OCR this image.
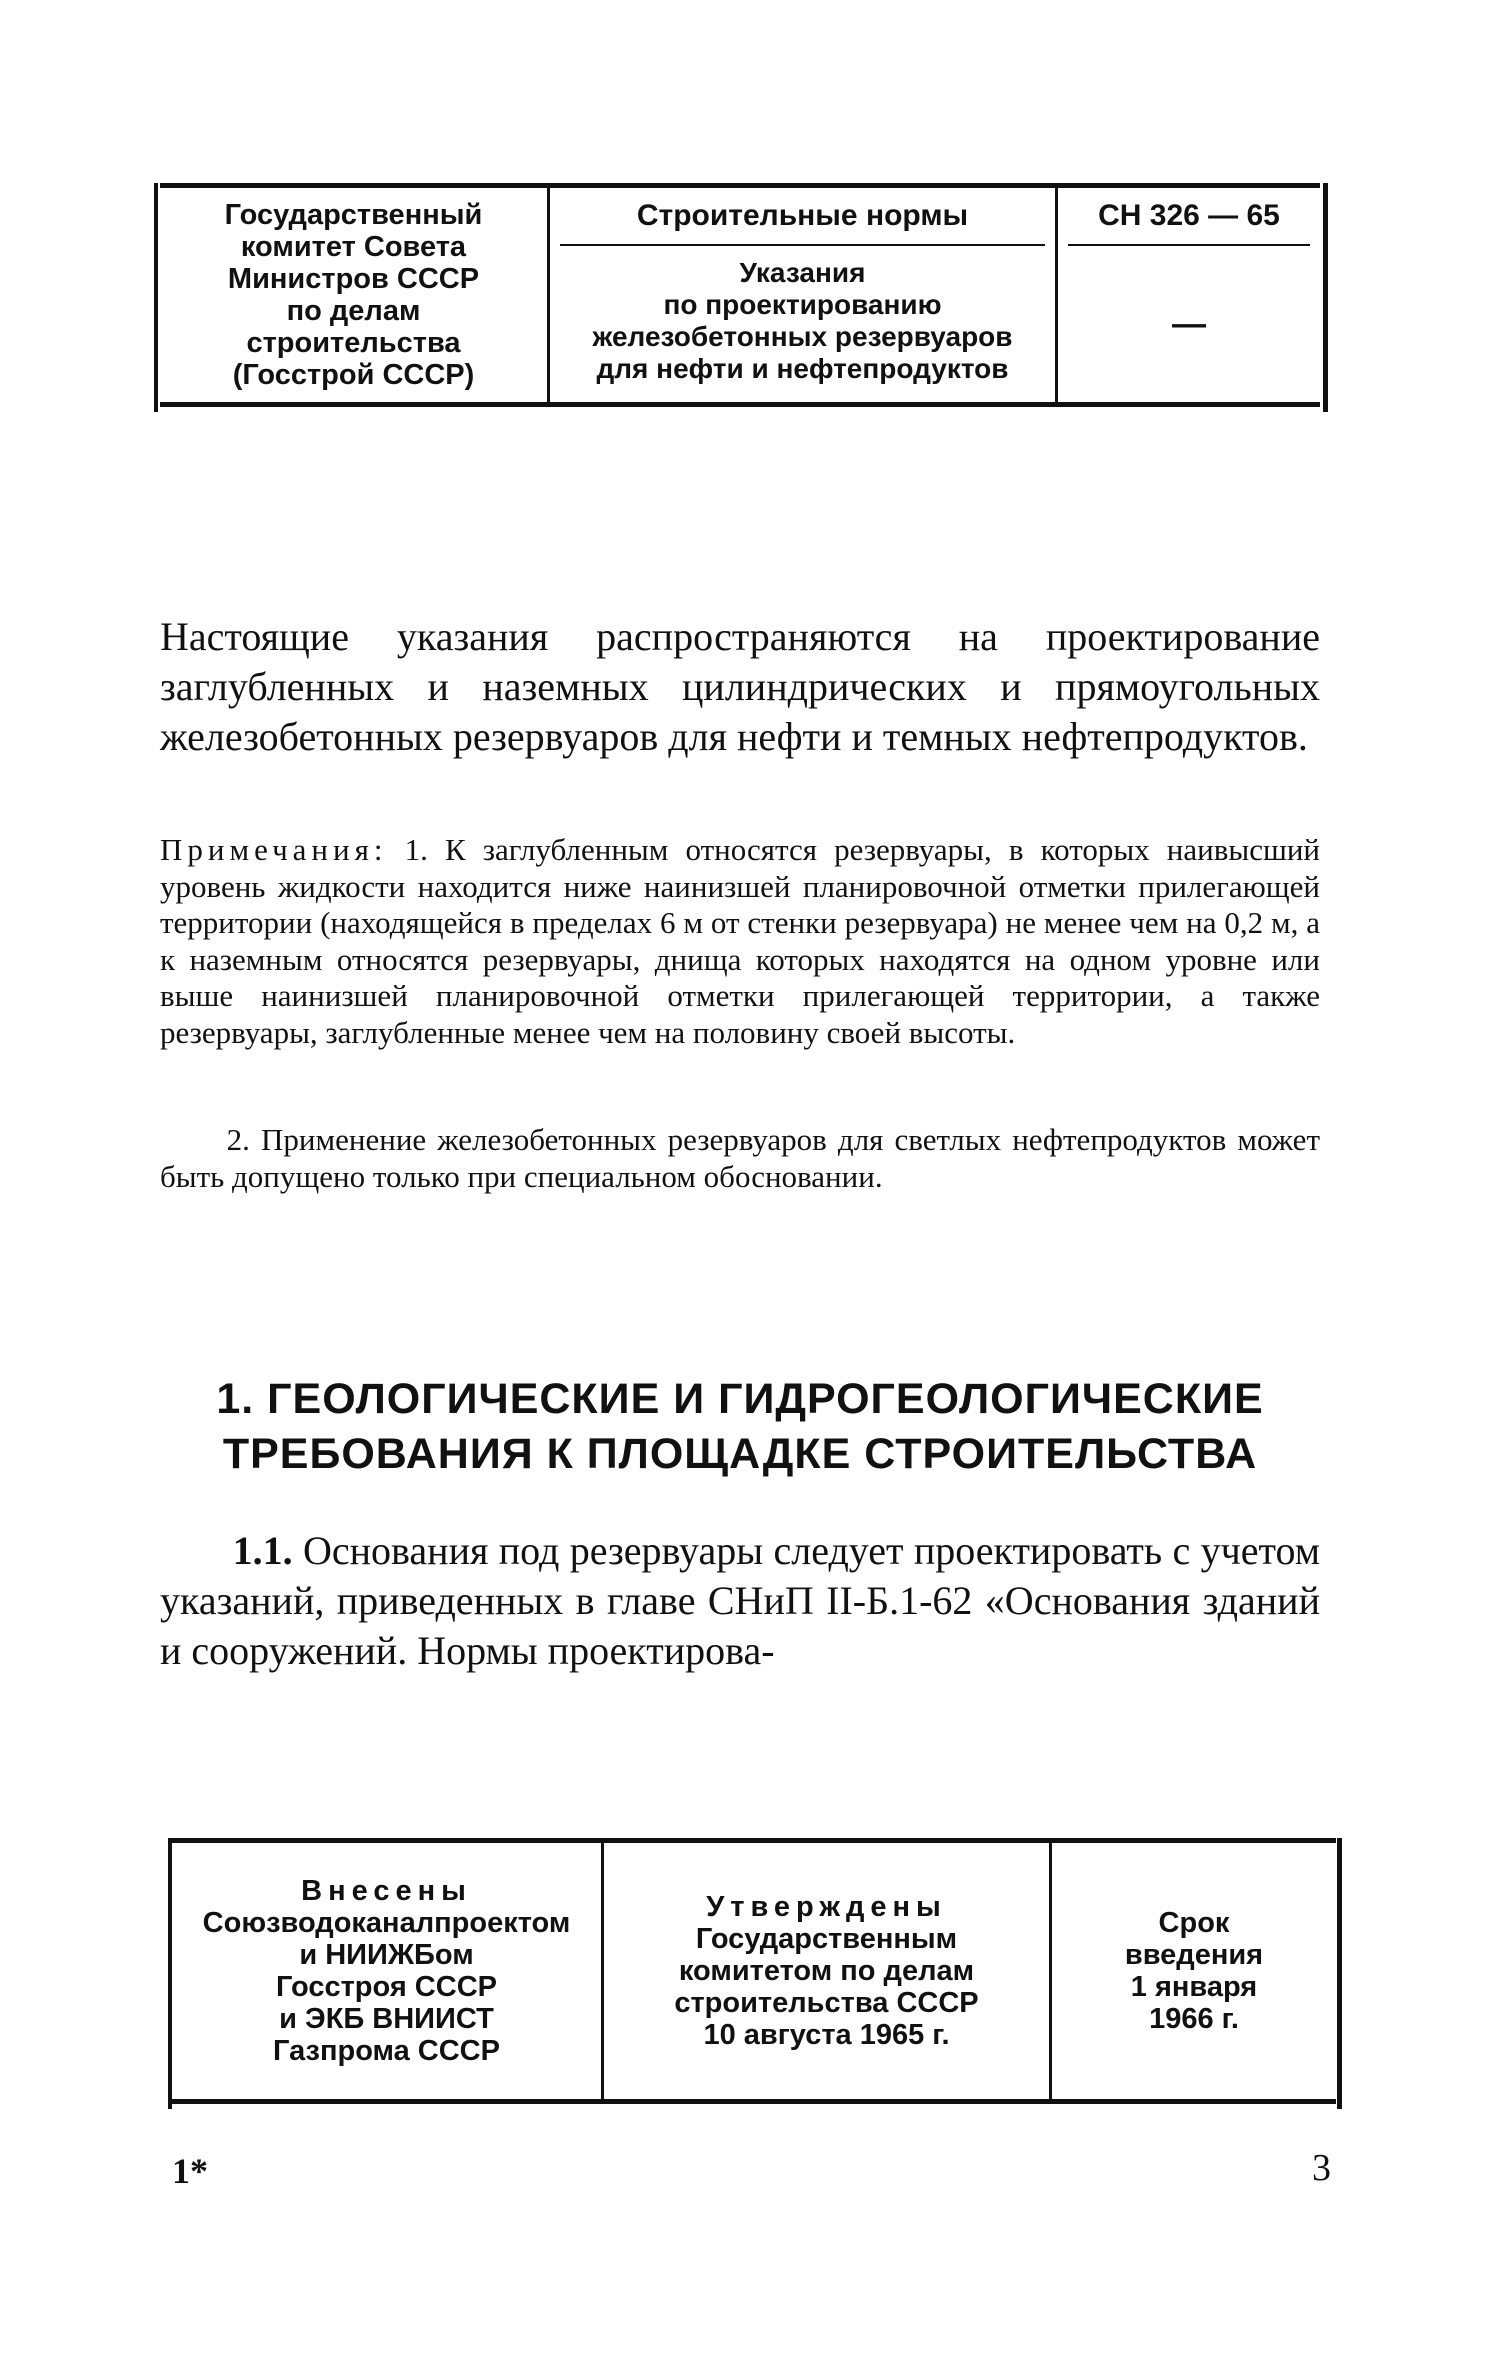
Государственный
комитет Совета
Министров СССР
по делам
строительства
(Госстрой СССР)
Строительные нормы
Указания
по проектированию
железобетонных резервуаров
для нефти и нефтепродуктов
СН 326 — 65
—

Настоящие указания распространяются на проектирование заглубленных и наземных цилиндрических и прямоугольных железобетонных резервуаров для нефти и темных нефтепродуктов.

Примечания: 1. К заглубленным относятся резервуары, в которых наивысший уровень жидкости находится ниже наинизшей планировочной отметки прилегающей территории (находящейся в пределах 6 м от стенки резервуара) не менее чем на 0,2 м, а к наземным относятся резервуары, днища которых находятся на одном уровне или выше наинизшей планировочной отметки прилегающей территории, а также резервуары, заглубленные менее чем на половину своей высоты.

2. Применение железобетонных резервуаров для светлых нефтепродуктов может быть допущено только при специальном обосновании.

1. ГЕОЛОГИЧЕСКИЕ И ГИДРОГЕОЛОГИЧЕСКИЕ
ТРЕБОВАНИЯ К ПЛОЩАДКЕ СТРОИТЕЛЬСТВА

1.1. Основания под резервуары следует проектировать с учетом указаний, приведенных в главе СНиП II-Б.1-62 «Основания зданий и сооружений. Нормы проектирова-

Внесены
Союзводоканалпроектом
и НИИЖБом
Госстроя СССР
и ЭКБ ВНИИСТ
Газпрома СССР
Утверждены
Государственным
комитетом по делам
строительства СССР
10 августа 1965 г.
Срок
введения
1 января
1966 г.
1*	3
